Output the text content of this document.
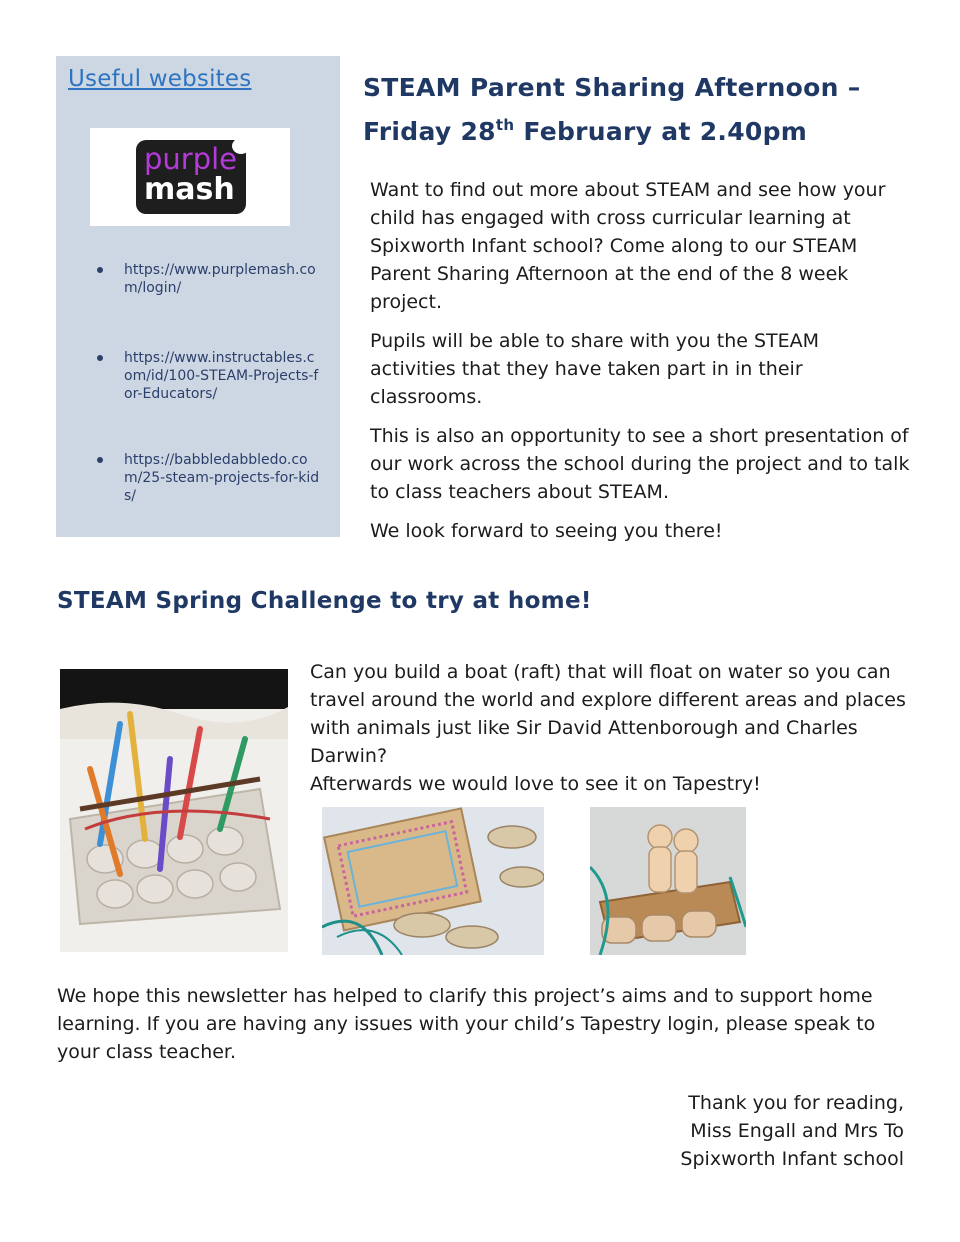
Useful websites
purple
mash
https://www.purplemash.com/login/
https://www.instructables.com/id/100-STEAM-Projects-for-Educators/
https://babbledabbledo.com/25-steam-projects-for-kids/
STEAM Parent Sharing Afternoon –
Friday 28th February at 2.40pm

Want to find out more about STEAM and see how your child has engaged with cross curricular learning at Spixworth Infant school? Come along to our STEAM Parent Sharing Afternoon at the end of the 8 week project.

Pupils will be able to share with you the STEAM activities that they have taken part in in their classrooms.

This is also an opportunity to see a short presentation of our work across the school during the project and to talk to class teachers about STEAM.

We look forward to seeing you there!

STEAM Spring Challenge to try at home!

Can you build a boat (raft) that will float on water so you can travel around the world and explore different areas and places with animals just like Sir David Attenborough and Charles Darwin?
Afterwards we would love to see it on Tapestry!

We hope this newsletter has helped to clarify this project’s aims and to support home learning. If you are having any issues with your child’s Tapestry login, please speak to your class teacher.

Thank you for reading,
Miss Engall and Mrs To
Spixworth Infant school
